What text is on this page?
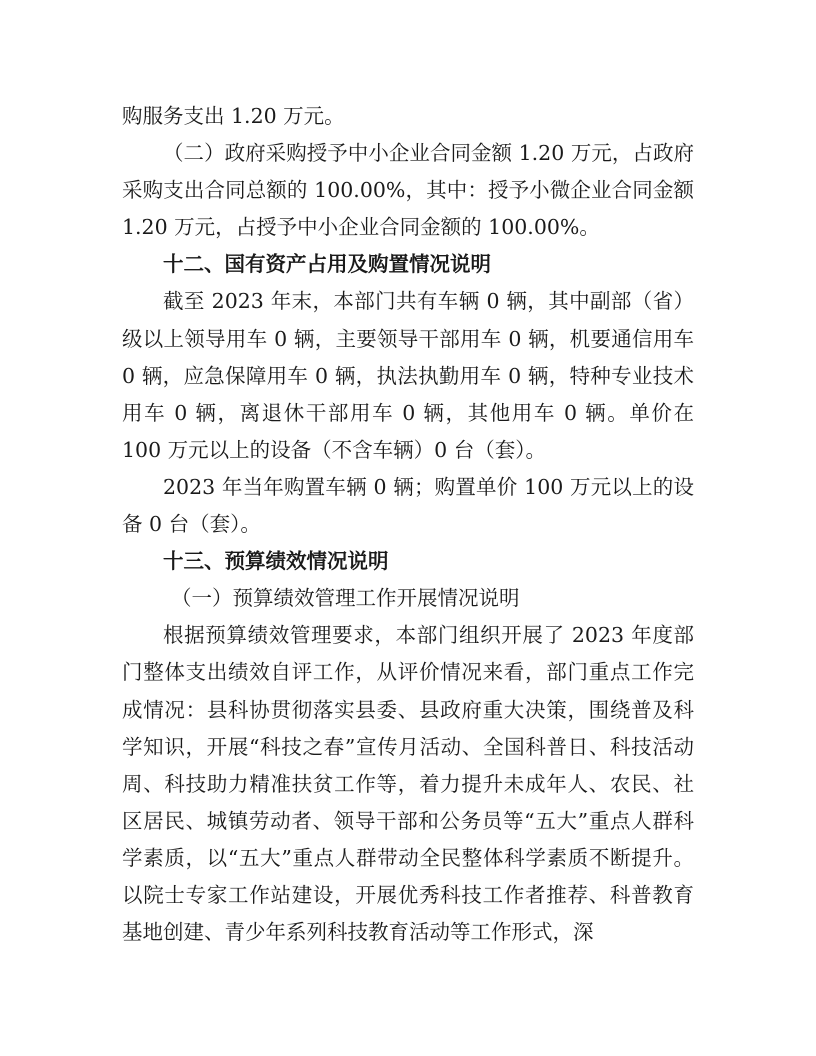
购服务支出 1.20 万元。

（二）政府采购授予中小企业合同金额 1.20 万元，占政府采购支出合同总额的 100.00%，其中：授予小微企业合同金额 1.20 万元，占授予中小企业合同金额的 100.00%。

十二、国有资产占用及购置情况说明

截至 2023 年末，本部门共有车辆 0 辆，其中副部（省）级以上领导用车 0 辆，主要领导干部用车 0 辆，机要通信用车 0 辆，应急保障用车 0 辆，执法执勤用车 0 辆，特种专业技术用车 0 辆，离退休干部用车 0 辆，其他用车 0 辆。单价在 100 万元以上的设备（不含车辆）0 台（套）。

2023 年当年购置车辆 0 辆；购置单价 100 万元以上的设备 0 台（套）。

十三、预算绩效情况说明

（一）预算绩效管理工作开展情况说明

根据预算绩效管理要求，本部门组织开展了 2023 年度部门整体支出绩效自评工作，从评价情况来看，部门重点工作完成情况：县科协贯彻落实县委、县政府重大决策，围绕普及科学知识，开展“科技之春”宣传月活动、全国科普日、科技活动周、科技助力精准扶贫工作等，着力提升未成年人、农民、社区居民、城镇劳动者、领导干部和公务员等“五大”重点人群科学素质，以“五大”重点人群带动全民整体科学素质不断提升。以院士专家工作站建设，开展优秀科技工作者推荐、科普教育基地创建、青少年系列科技教育活动等工作形式，深
